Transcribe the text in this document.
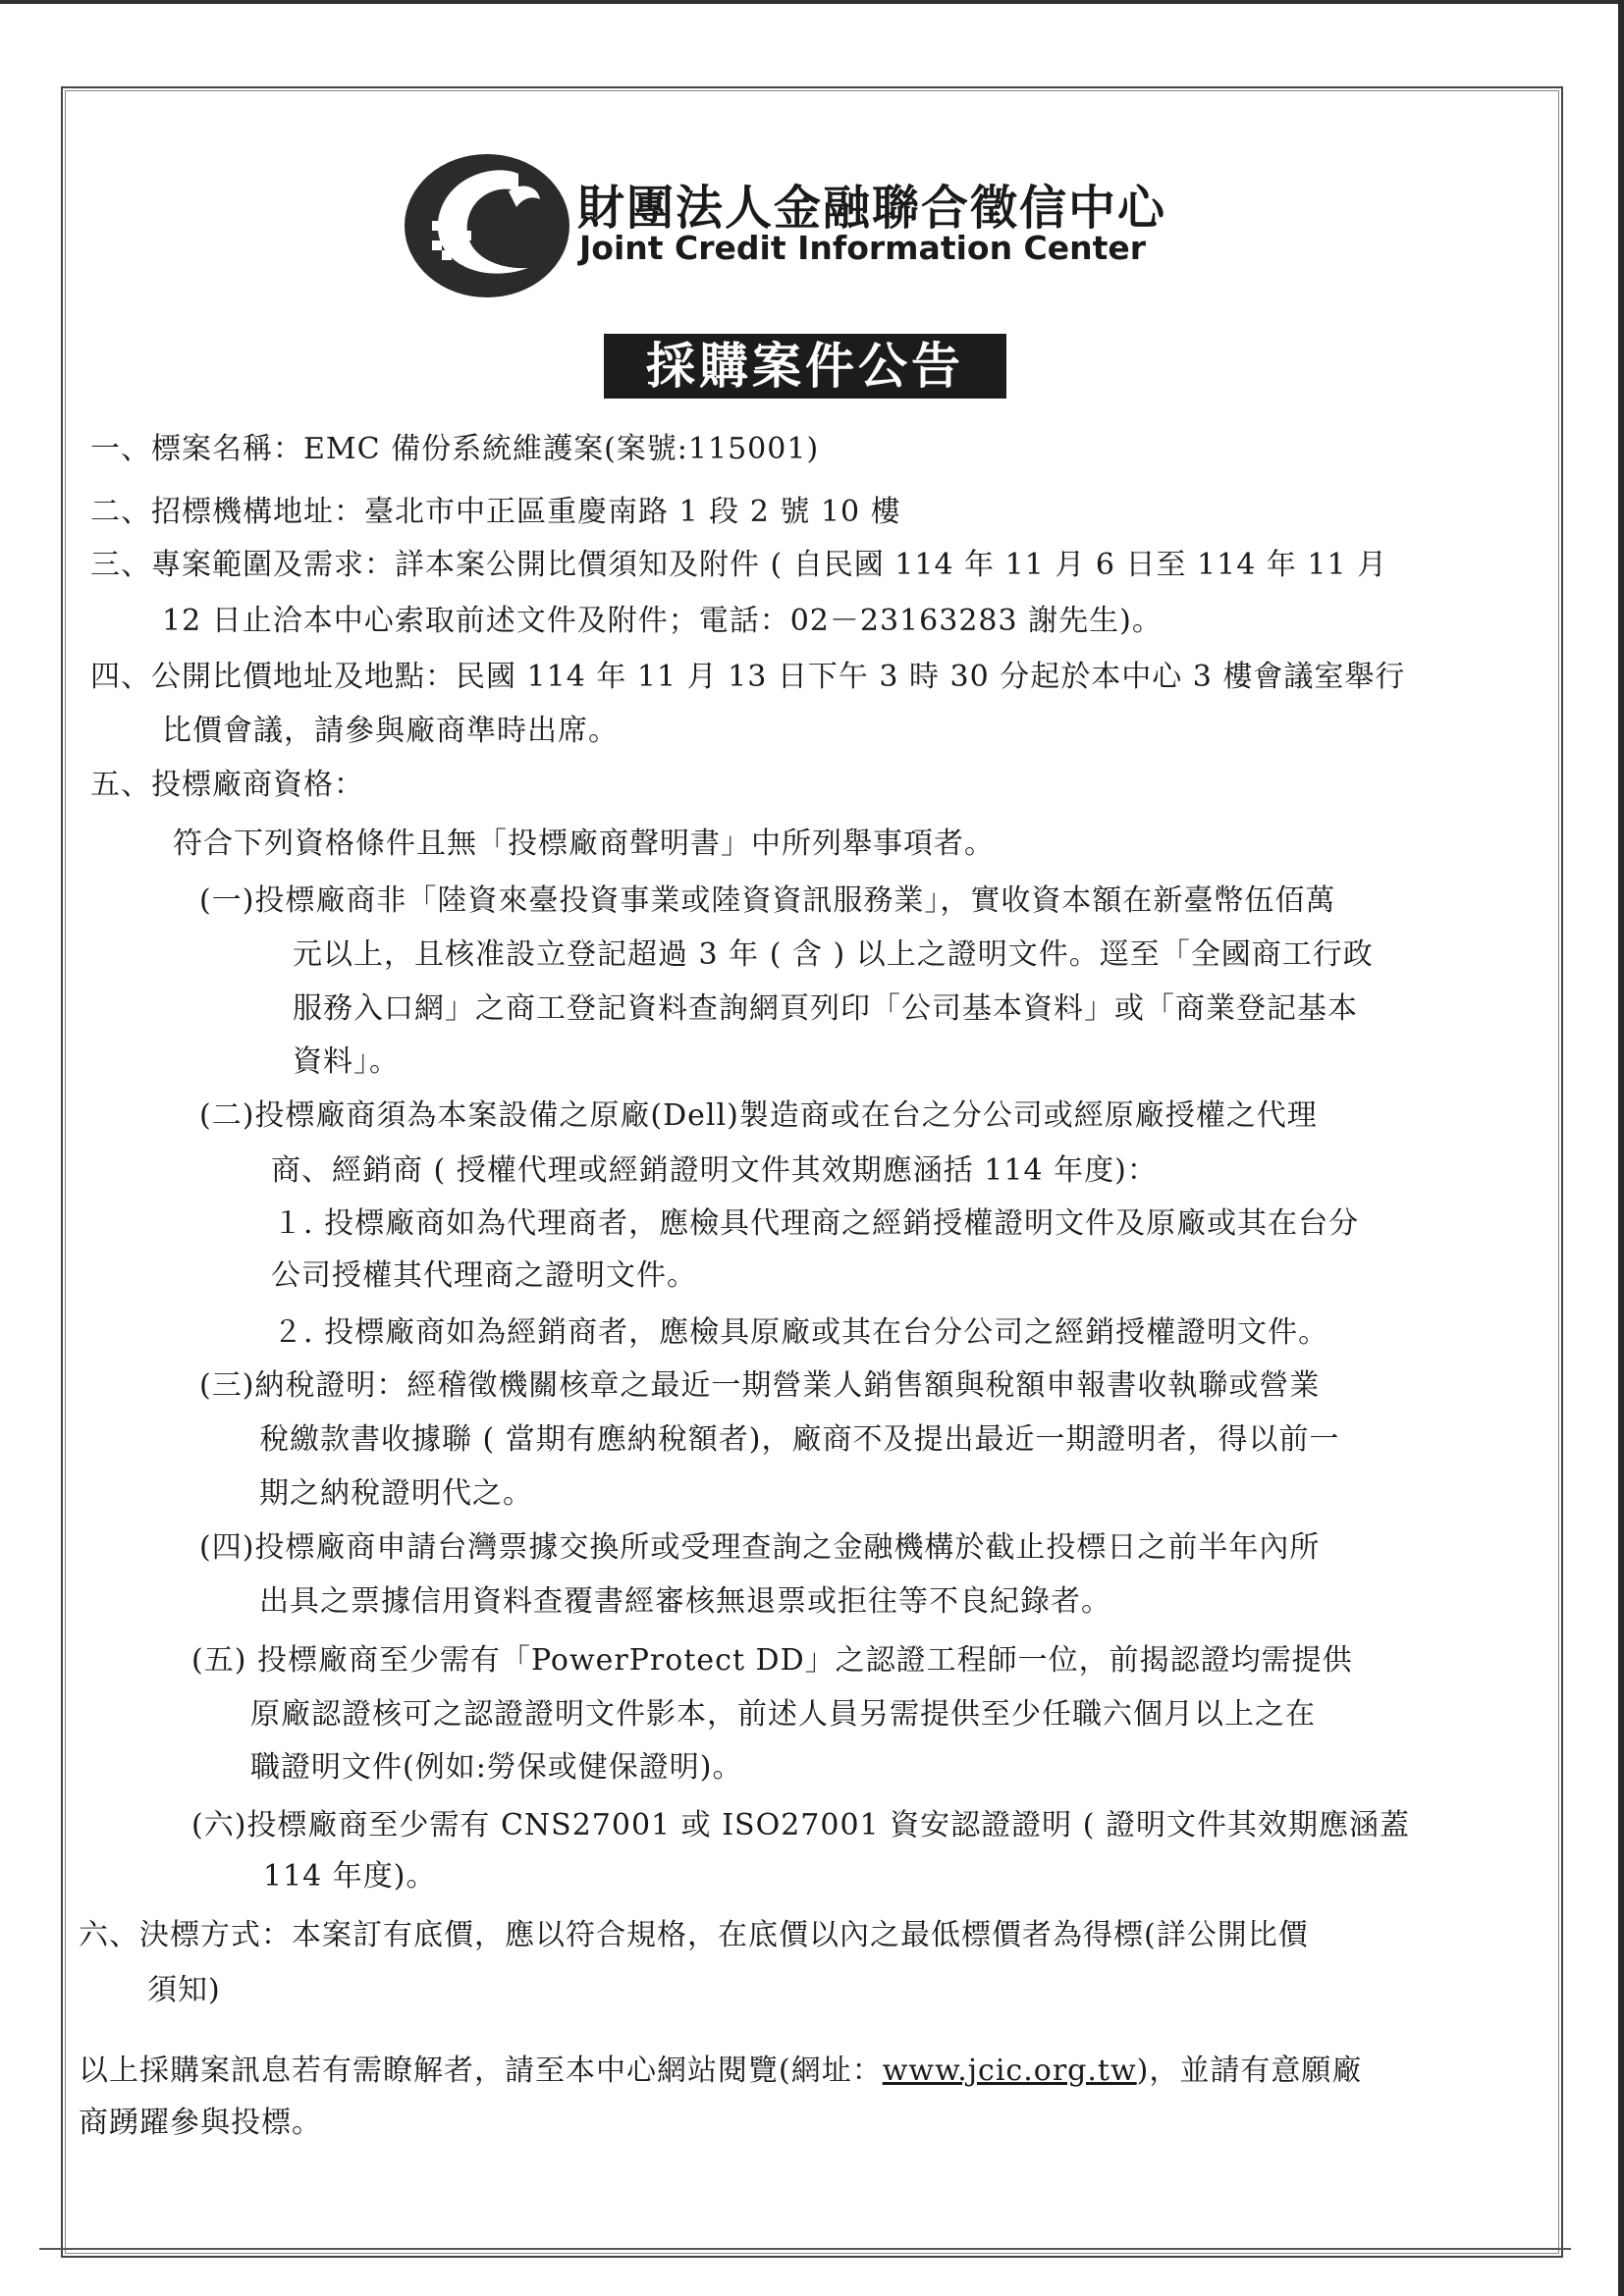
財團法人金融聯合徵信中心
Joint Credit Information Center
採購案件公告
一、標案名稱：EMC 備份系統維護案(案號:115001)
二、招標機構地址：臺北市中正區重慶南路 1 段 2 號 10 樓
三、專案範圍及需求：詳本案公開比價須知及附件 ( 自民國 114 年 11 月 6 日至 114 年 11 月
12 日止洽本中心索取前述文件及附件；電話：02－23163283 謝先生)。
四、公開比價地址及地點：民國 114 年 11 月 13 日下午 3 時 30 分起於本中心 3 樓會議室舉行
比價會議，請參與廠商準時出席。
五、投標廠商資格：
符合下列資格條件且無「投標廠商聲明書」中所列舉事項者。
(一)投標廠商非「陸資來臺投資事業或陸資資訊服務業」，實收資本額在新臺幣伍佰萬
元以上，且核准設立登記超過 3 年 ( 含 ) 以上之證明文件。逕至「全國商工行政
服務入口網」之商工登記資料查詢網頁列印「公司基本資料」或「商業登記基本
資料」。
(二)投標廠商須為本案設備之原廠(Dell)製造商或在台之分公司或經原廠授權之代理
商、經銷商 ( 授權代理或經銷證明文件其效期應涵括 114 年度)：
１. 投標廠商如為代理商者，應檢具代理商之經銷授權證明文件及原廠或其在台分
公司授權其代理商之證明文件。
２. 投標廠商如為經銷商者，應檢具原廠或其在台分公司之經銷授權證明文件。
(三)納稅證明：經稽徵機關核章之最近一期營業人銷售額與稅額申報書收執聯或營業
稅繳款書收據聯 ( 當期有應納稅額者)，廠商不及提出最近一期證明者，得以前一
期之納稅證明代之。
(四)投標廠商申請台灣票據交換所或受理查詢之金融機構於截止投標日之前半年內所
出具之票據信用資料查覆書經審核無退票或拒往等不良紀錄者。
(五) 投標廠商至少需有「PowerProtect DD」之認證工程師一位，前揭認證均需提供
原廠認證核可之認證證明文件影本，前述人員另需提供至少任職六個月以上之在
職證明文件(例如:勞保或健保證明)。
(六)投標廠商至少需有 CNS27001 或 ISO27001 資安認證證明 ( 證明文件其效期應涵蓋
114 年度)。
六、決標方式：本案訂有底價，應以符合規格，在底價以內之最低標價者為得標(詳公開比價
須知)
以上採購案訊息若有需瞭解者，請至本中心網站閱覽(網址：www.jcic.org.tw)，並請有意願廠
商踴躍參與投標。
